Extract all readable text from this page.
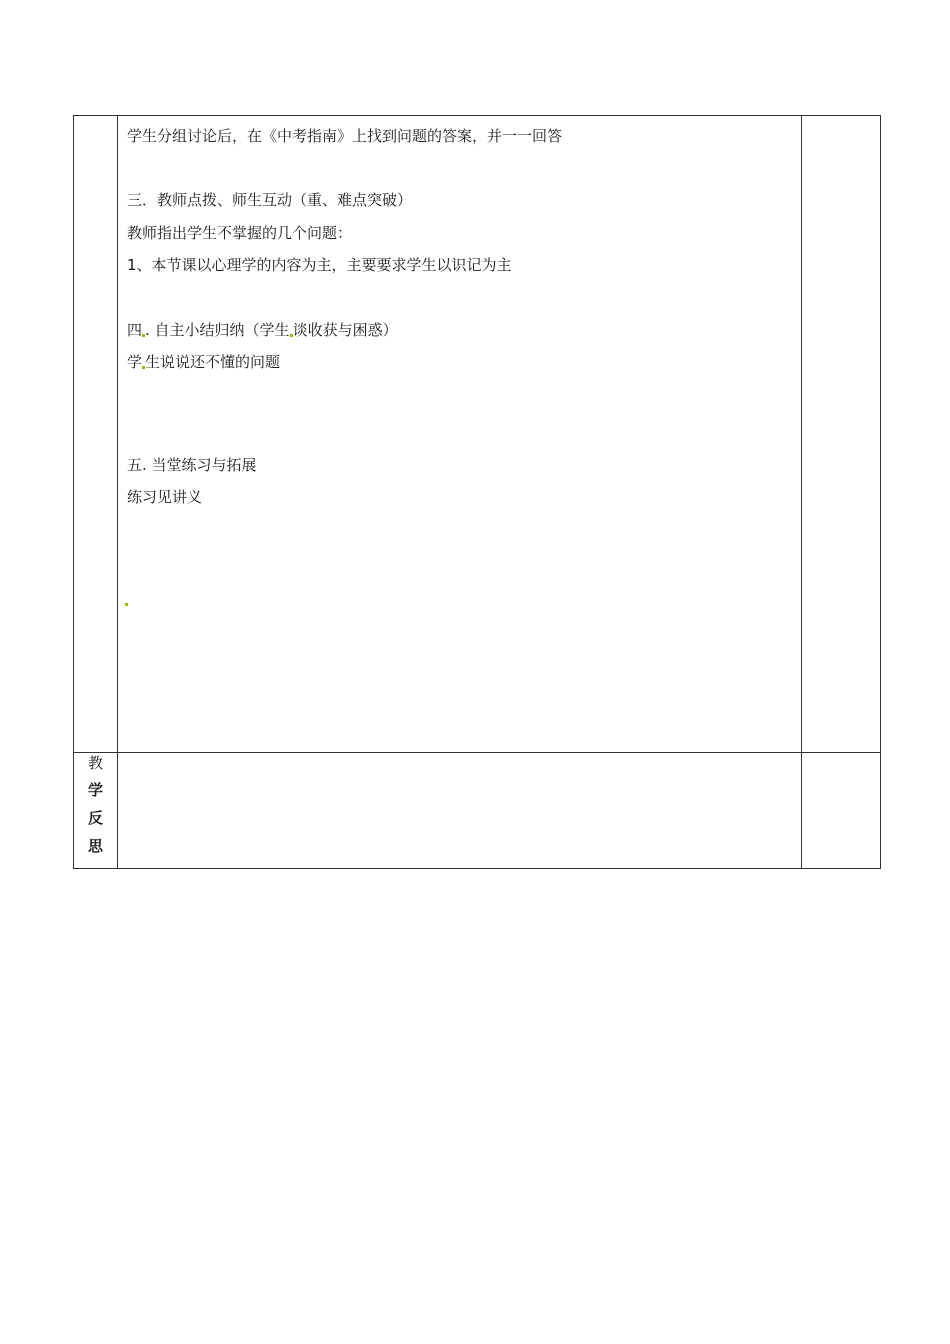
学生分组讨论后，在《中考指南》上找到问题的答案，并一一回答
三．教师点拨、师生互动（重、难点突破）
教师指出学生不掌握的几个问题：
1、本节课以心理学的内容为主，主要要求学生以识记为主
四 . 自主小结归纳（学生 谈收获与困惑）
学 生说说还不懂的问题
五. 当堂练习与拓展
练习见讲义
教
学
反
思
